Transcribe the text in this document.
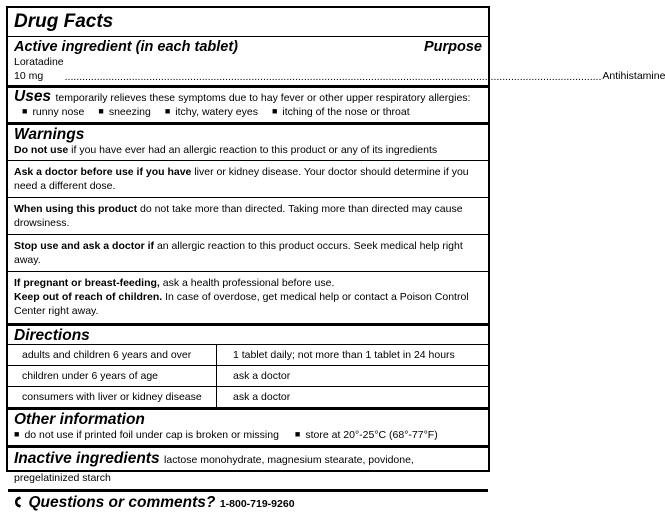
Drug Facts
Active ingredient (in each tablet)	Purpose
Loratadine 10 mg	........................................................................................................................................................................................ Antihistamine
Uses temporarily relieves these symptoms due to hay fever or other upper respiratory allergies:
■ runny nose	■ sneezing	■ itchy, watery eyes	■ itching of the nose or throat
Warnings
Do not use if you have ever had an allergic reaction to this product or any of its ingredients
Ask a doctor before use if you have liver or kidney disease. Your doctor should determine if you need a different dose.
When using this product do not take more than directed. Taking more than directed may cause drowsiness.
Stop use and ask a doctor if an allergic reaction to this product occurs. Seek medical help right away.
If pregnant or breast-feeding, ask a health professional before use.
Keep out of reach of children. In case of overdose, get medical help or contact a Poison Control Center right away.
Directions
adults and children 6 years and over	1 tablet daily; not more than 1 tablet in 24 hours
children under 6 years of age	ask a doctor
consumers with liver or kidney disease	ask a doctor
Other information
■ do not use if printed foil under cap is broken or missing	■ store at 20°-25°C (68°-77°F)
Inactive ingredients lactose monohydrate, magnesium stearate, povidone, pregelatinized starch
Questions or comments? 1-800-719-9260
